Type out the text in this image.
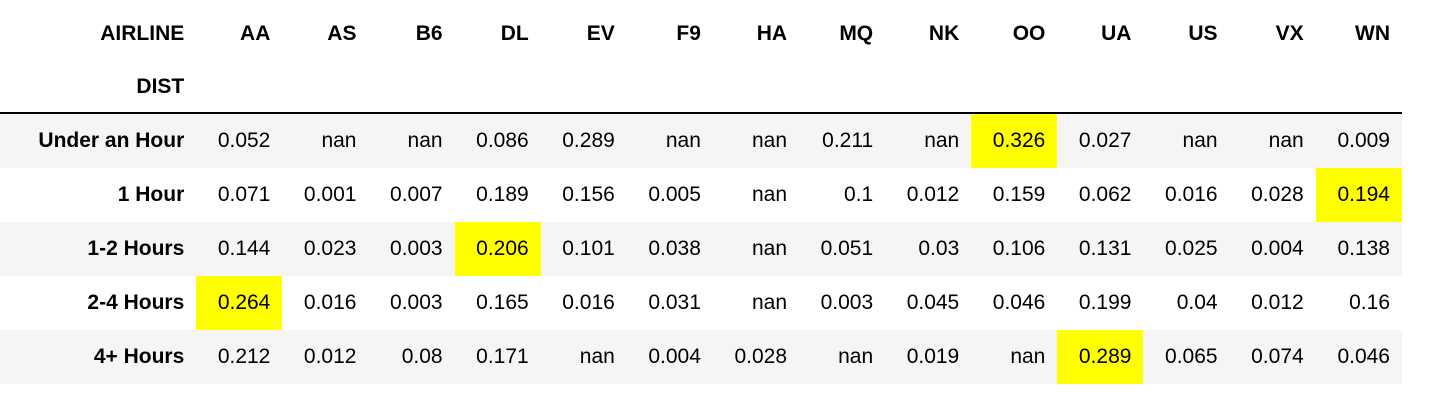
AIRLINE	AA	AS	B6	DL	EV	F9	HA	MQ	NK	OO	UA	US	VX	WN
DIST														
Under an Hour	0.052	nan	nan	0.086	0.289	nan	nan	0.211	nan	0.326	0.027	nan	nan	0.009
1 Hour	0.071	0.001	0.007	0.189	0.156	0.005	nan	0.1	0.012	0.159	0.062	0.016	0.028	0.194
1-2 Hours	0.144	0.023	0.003	0.206	0.101	0.038	nan	0.051	0.03	0.106	0.131	0.025	0.004	0.138
2-4 Hours	0.264	0.016	0.003	0.165	0.016	0.031	nan	0.003	0.045	0.046	0.199	0.04	0.012	0.16
4+ Hours	0.212	0.012	0.08	0.171	nan	0.004	0.028	nan	0.019	nan	0.289	0.065	0.074	0.046
